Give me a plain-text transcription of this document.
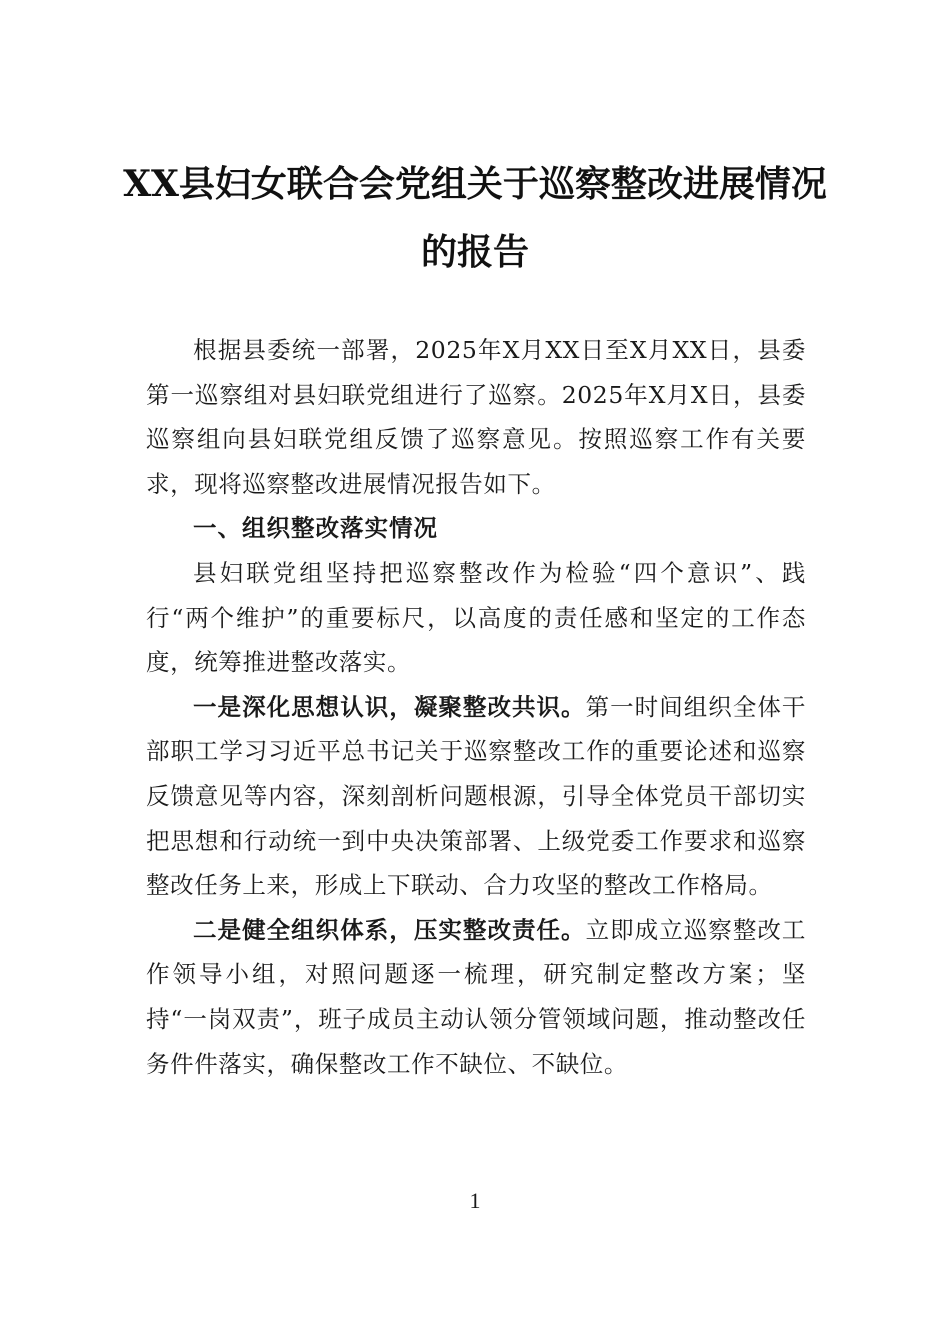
XX县妇女联合会党组关于巡察整改进展情况的报告

根据县委统一部署，2025年X月XX日至X月XX日，县委第一巡察组对县妇联党组进行了巡察。2025年X月X日，县委巡察组向县妇联党组反馈了巡察意见。按照巡察工作有关要求，现将巡察整改进展情况报告如下。

一、组织整改落实情况

县妇联党组坚持把巡察整改作为检验“四个意识”、践行“两个维护”的重要标尺，以高度的责任感和坚定的工作态度，统筹推进整改落实。

一是深化思想认识，凝聚整改共识。第一时间组织全体干部职工学习习近平总书记关于巡察整改工作的重要论述和巡察反馈意见等内容，深刻剖析问题根源，引导全体党员干部切实把思想和行动统一到中央决策部署、上级党委工作要求和巡察整改任务上来，形成上下联动、合力攻坚的整改工作格局。

二是健全组织体系，压实整改责任。立即成立巡察整改工作领导小组，对照问题逐一梳理，研究制定整改方案；坚持“一岗双责”，班子成员主动认领分管领域问题，推动整改任务件件落实，确保整改工作不缺位、不缺位。

1
